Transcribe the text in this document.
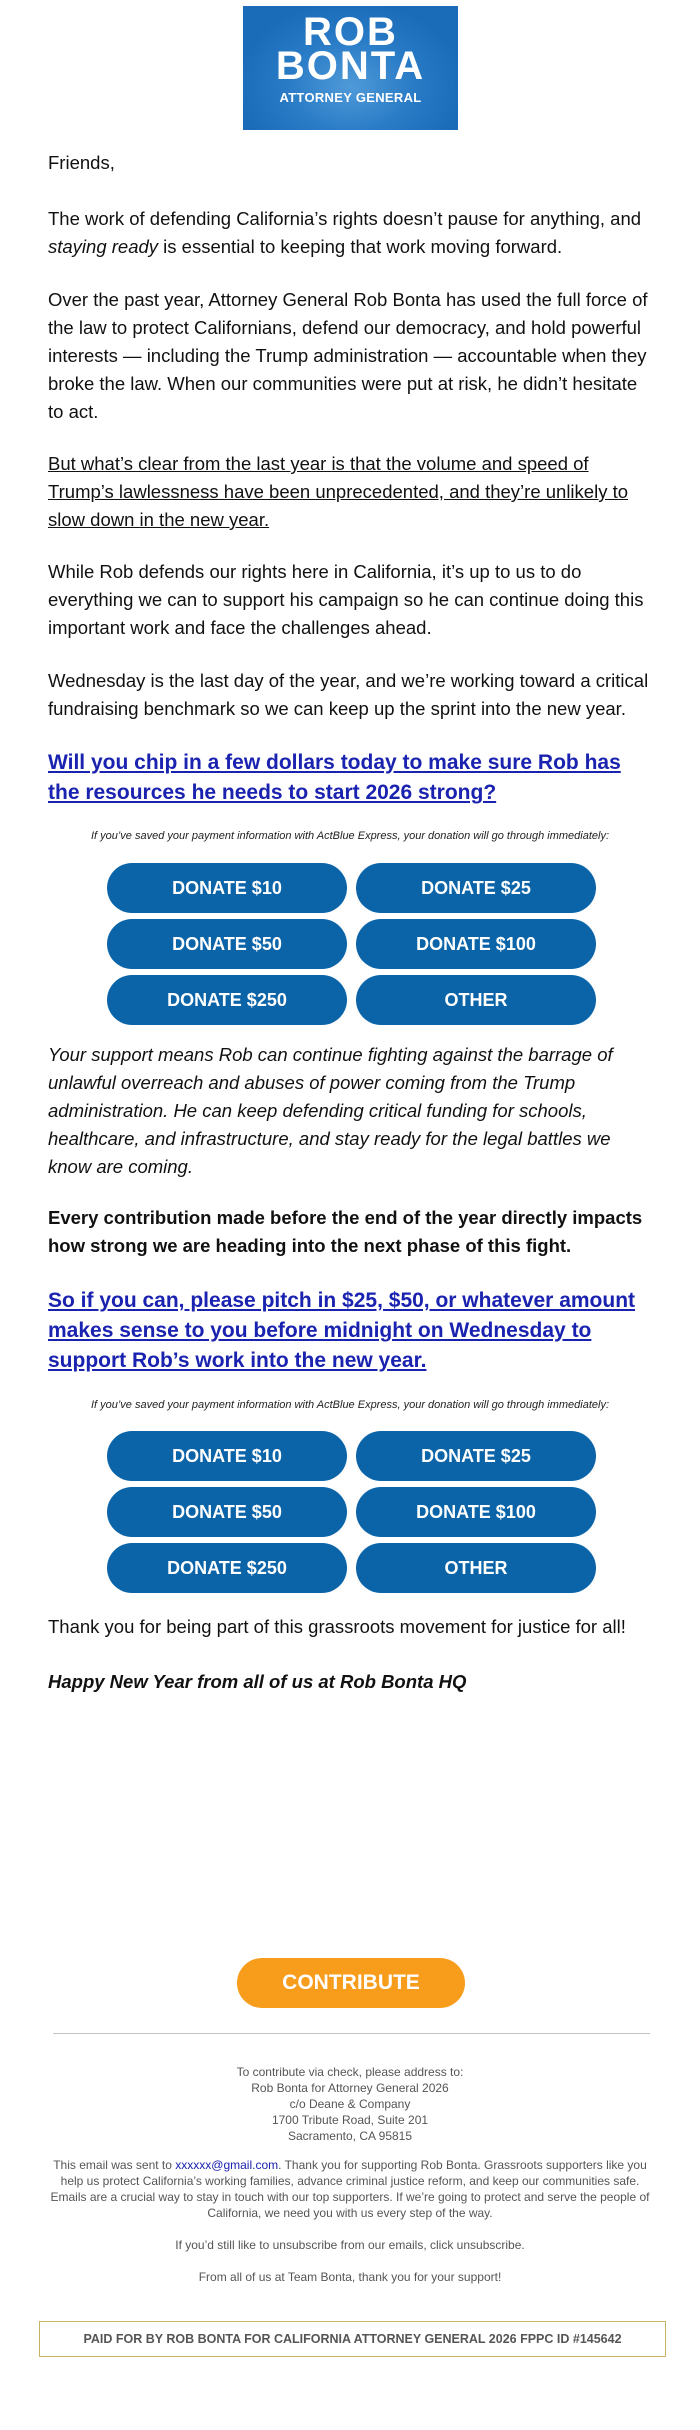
ROB
BONTA
ATTORNEY GENERAL
Friends,
The work of defending California’s rights doesn’t pause for anything, and staying ready is essential to keeping that work moving forward.
Over the past year, Attorney General Rob Bonta has used the full force of the law to protect Californians, defend our democracy, and hold powerful interests — including the Trump administration — accountable when they broke the law. When our communities were put at risk, he didn’t hesitate to act.
But what’s clear from the last year is that the volume and speed of Trump’s lawlessness have been unprecedented, and they’re unlikely to slow down in the new year.
While Rob defends our rights here in California, it’s up to us to do everything we can to support his campaign so he can continue doing this important work and face the challenges ahead.
Wednesday is the last day of the year, and we’re working toward a critical fundraising benchmark so we can keep up the sprint into the new year.
Will you chip in a few dollars today to make sure Rob has the resources he needs to start 2026 strong?
If you’ve saved your payment information with ActBlue Express, your donation will go through immediately:
DONATE $10	DONATE $25
DONATE $50	DONATE $100
DONATE $250	OTHER
Your support means Rob can continue fighting against the barrage of unlawful overreach and abuses of power coming from the Trump administration. He can keep defending critical funding for schools, healthcare, and infrastructure, and stay ready for the legal battles we know are coming.
Every contribution made before the end of the year directly impacts how strong we are heading into the next phase of this fight.
So if you can, please pitch in $25, $50, or whatever amount makes sense to you before midnight on Wednesday to support Rob’s work into the new year.
If you’ve saved your payment information with ActBlue Express, your donation will go through immediately:
DONATE $10	DONATE $25
DONATE $50	DONATE $100
DONATE $250	OTHER
Thank you for being part of this grassroots movement for justice for all!
Happy New Year from all of us at Rob Bonta HQ
CONTRIBUTE
To contribute via check, please address to:
Rob Bonta for Attorney General 2026
c/o Deane & Company
1700 Tribute Road, Suite 201
Sacramento, CA 95815
This email was sent to xxxxxx@gmail.com. Thank you for supporting Rob Bonta. Grassroots supporters like you help us protect California’s working families, advance criminal justice reform, and keep our communities safe. Emails are a crucial way to stay in touch with our top supporters. If we’re going to protect and serve the people of California, we need you with us every step of the way.
If you’d still like to unsubscribe from our emails, click unsubscribe.
From all of us at Team Bonta, thank you for your support!
PAID FOR BY ROB BONTA FOR CALIFORNIA ATTORNEY GENERAL 2026 FPPC ID #145642
